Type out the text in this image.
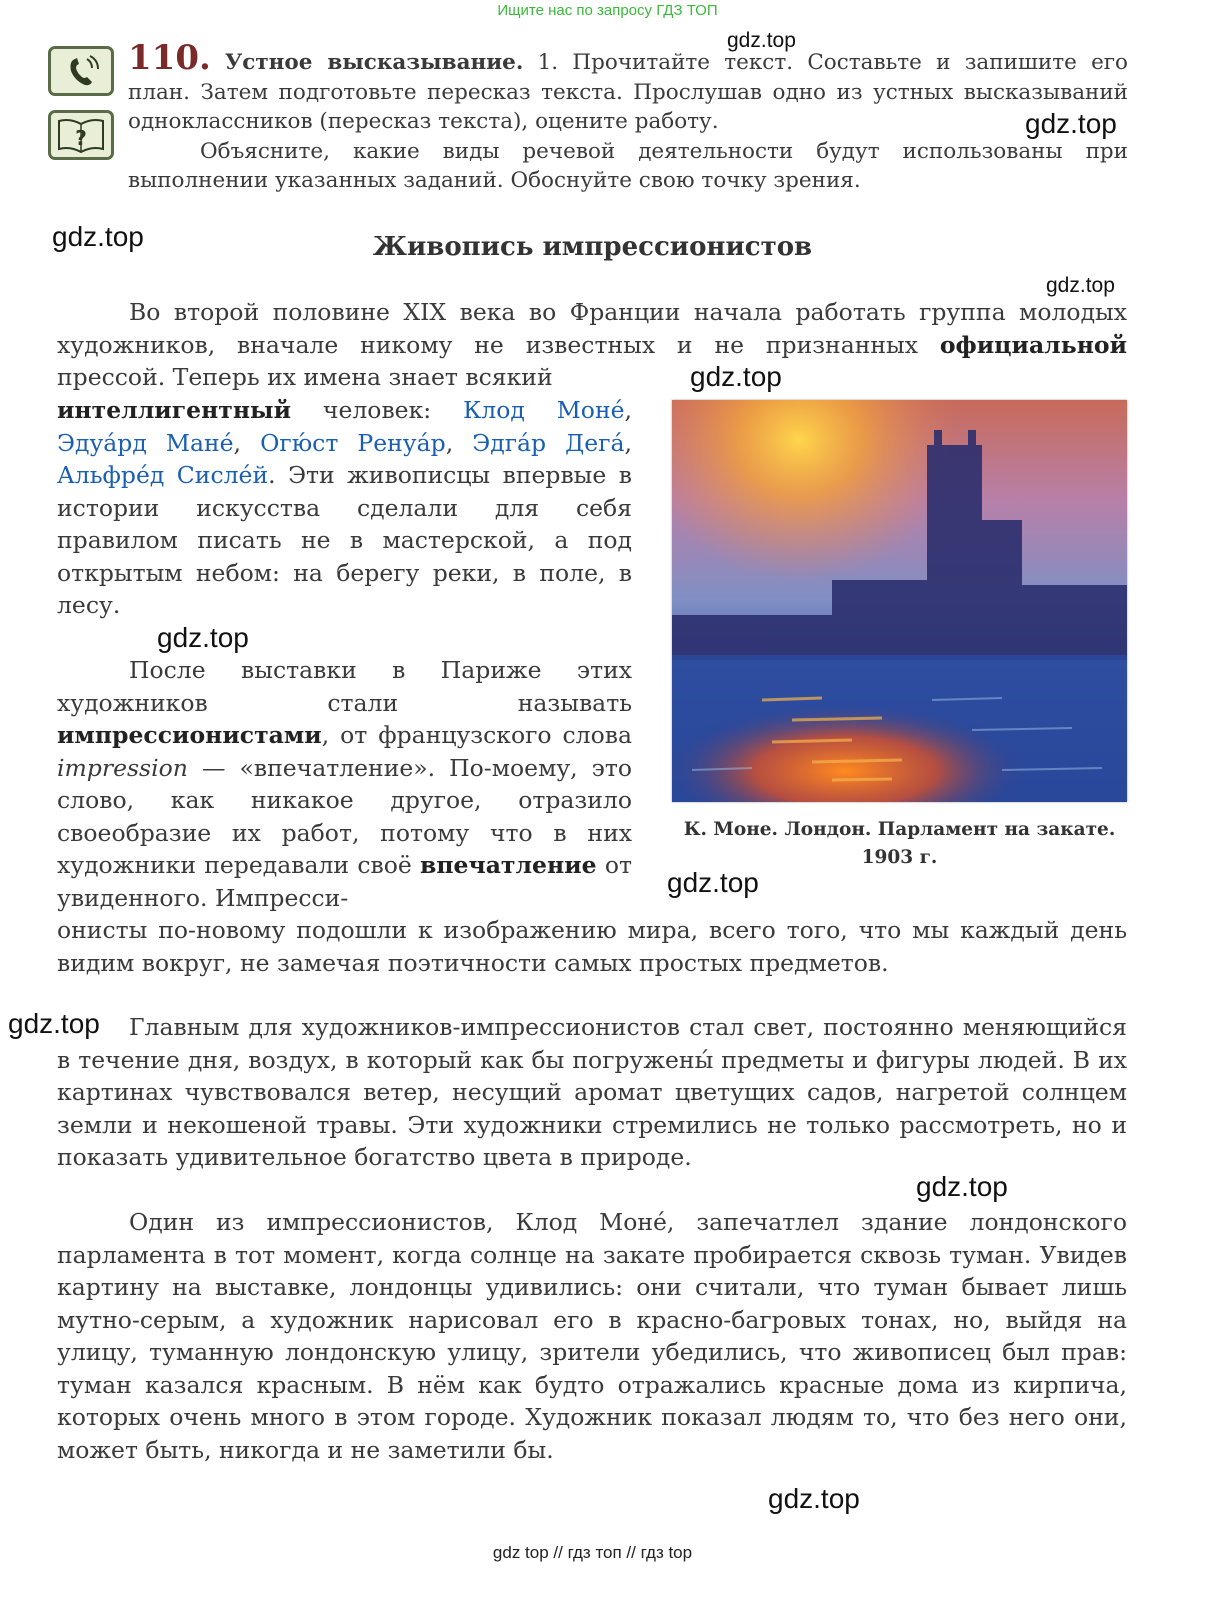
Ищите нас по запросу ГДЗ ТОП
?
110. Устное высказывание. 1. Прочитайте текст. Составьте и запишите его план. Затем подготовьте пересказ текста. Прослушав одно из устных высказываний одноклассников (пересказ текста), оцените работу.
Объясните, какие виды речевой деятельности будут использованы при выполнении указанных заданий. Обоснуйте свою точку зрения.
Живопись импрессионистов

Во второй половине XIX века во Франции начала работать группа молодых художников, вначале никому не известных и не признанных официальной прессой. Теперь их имена знает всякий

интеллигентный человек: Клод Моне́, Эдуа́рд Мане́, Огю́ст Ренуа́р, Эдга́р Дега́, Альфре́д Сисле́й. Эти живописцы впервые в истории искусства сделали для себя правилом писать не в мастерской, а под открытым небом: на берегу реки, в поле, в лесу.

После выставки в Париже этих художников стали называть импрессионистами, от французского слова impression — «впечатление». По-моему, это слово, как никакое другое, отразило своеобразие их работ, потому что в них художники передавали своё впечатление от увиденного. Импресси-

онисты по-новому подошли к изображению мира, всего того, что мы каждый день видим вокруг, не замечая поэтичности самых простых предметов.

Главным для художников-импрессионистов стал свет, постоянно меняющийся в течение дня, воздух, в который как бы погружены́ предметы и фигуры людей. В их картинах чувствовался ветер, несущий аромат цветущих садов, нагретой солнцем земли и некошеной травы. Эти художники стремились не только рассмотреть, но и показать удивительное богатство цвета в природе.

Один из импрессионистов, Клод Моне́, запечатлел здание лондонского парламента в тот момент, когда солнце на закате пробирается сквозь туман. Увидев картину на выставке, лондонцы удивились: они считали, что туман бывает лишь мутно-серым, а художник нарисовал его в красно-багровых тонах, но, выйдя на улицу, туманную лондонскую улицу, зрители убедились, что живописец был прав: туман казался красным. В нём как будто отражались красные дома из кирпича, которых очень много в этом городе. Художник показал людям то, что без него они, может быть, никогда и не заметили бы.

К. Моне. Лондон. Парламент на закате.
1903 г.
gdz.top
gdz.top
gdz.top
gdz.top
gdz.top
gdz.top
gdz.top
gdz.top
gdz.top
gdz.top
gdz top // гдз топ // гдз top
